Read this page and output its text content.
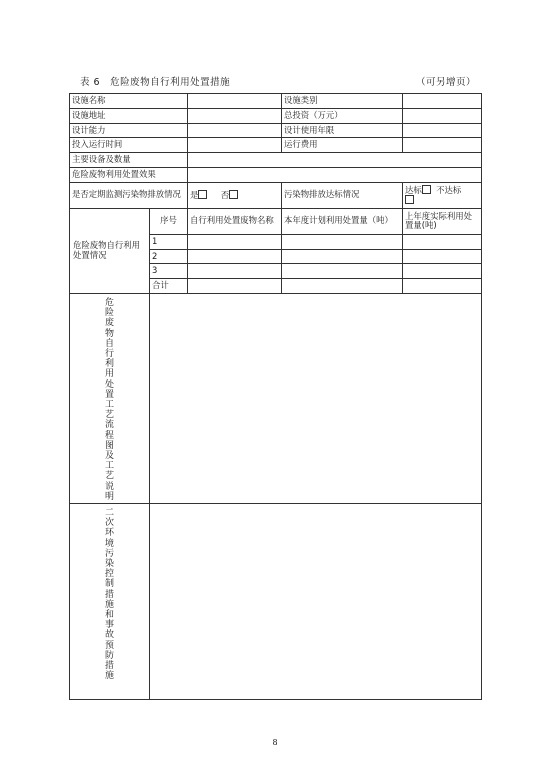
表 6 危险废物自行利用处置措施	（可另增页）
设施名称			设施类别	
设施地址			总投资（万元）	
设计能力			设计使用年限	
投入运行时间			运行费用	
主要设备及数量				
危险废物利用处置效果				
是否定期监测污染物排放情况		是 否	污染物排放达标情况	达标 不达标

危险废物自行利用处置情况	序号	自行利用处置废物名称	本年度计划利用处置量（吨）	上年度实际利用处置量(吨)
	1			
	2			
	3			
	合计			
危险废物自行利用处置工艺流程图及工艺说明				
二次环境污染控制措施和事故预防措施				
8
